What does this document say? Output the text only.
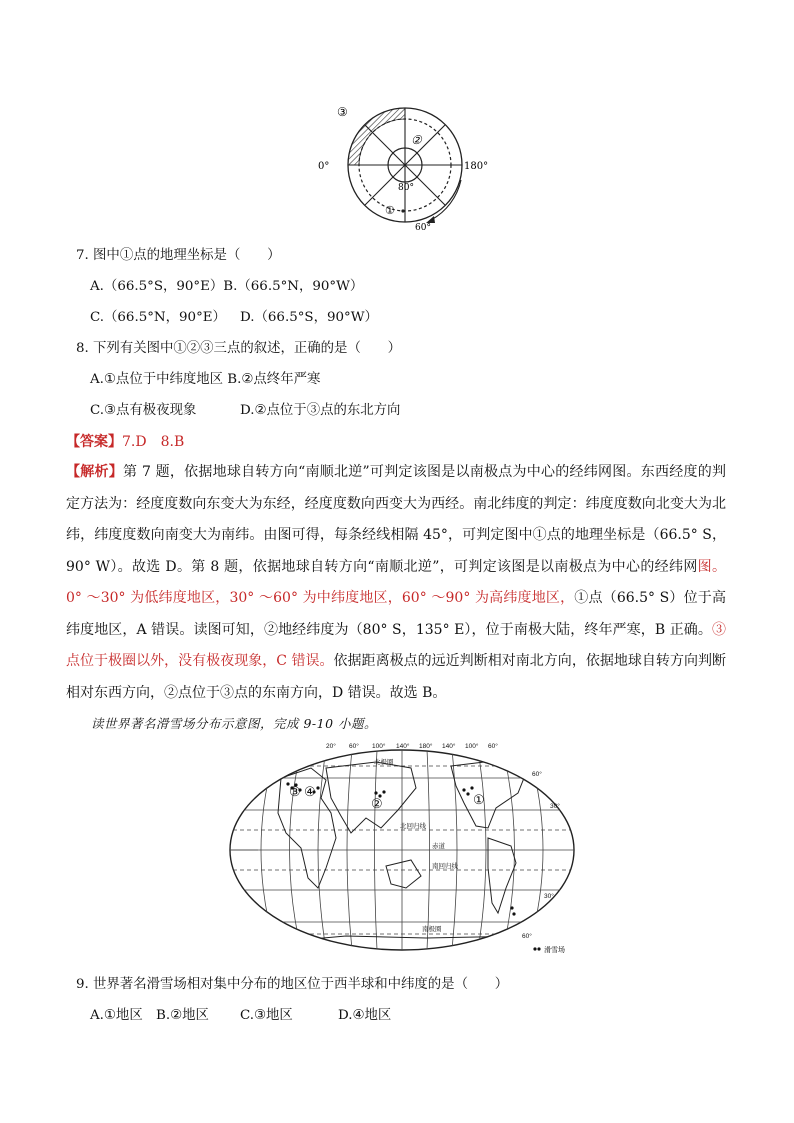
③
②
①
0°	180°
80°
60°
7. 图中①点的地理坐标是（　　）
A.（66.5°S，90°E）B.（66.5°N，90°W）
C.（66.5°N，90°E） D.（66.5°S，90°W）
8. 下列有关图中①②③三点的叙述，正确的是（　　）
A.①点位于中纬度地区 B.②点终年严寒
C.③点有极夜现象	D.②点位于③点的东北方向
【答案】7.D　8.B
【解析】第 7 题，依据地球自转方向“南顺北逆”可判定该图是以南极点为中心的经纬网图。东西经度的判定方法为：经度度数向东变大为东经，经度度数向西变大为西经。南北纬度的判定：纬度度数向北变大为北纬，纬度度数向南变大为南纬。由图可得，每条经线相隔 45°，可判定图中①点的地理坐标是（66.5° S，90° W）。故选 D。第 8 题，依据地球自转方向“南顺北逆”，可判定该图是以南极点为中心的经纬网图。0° ～30° 为低纬度地区，30° ～60° 为中纬度地区，60° ～90° 为高纬度地区，①点（66.5° S）位于高纬度地区，A 错误。读图可知，②地经纬度为（80° S，135° E），位于南极大陆，终年严寒，B 正确。③点位于极圈以外，没有极夜现象，C 错误。依据距离极点的远近判断相对南北方向，依据地球自转方向判断相对东西方向，②点位于③点的东南方向，D 错误。故选 B。
读世界著名滑雪场分布示意图，完成 9-10 小题。
20° 60° 100° 140° 180° 140° 100° 60°
60°
30°
30°
60°
北极圈
北回归线
赤道
南回归线
南极圈
①
②
③ ④
滑雪场
9. 世界著名滑雪场相对集中分布的地区位于西半球和中纬度的是（　　）
A.①地区 B.②地区 C.③地区	D.④地区
